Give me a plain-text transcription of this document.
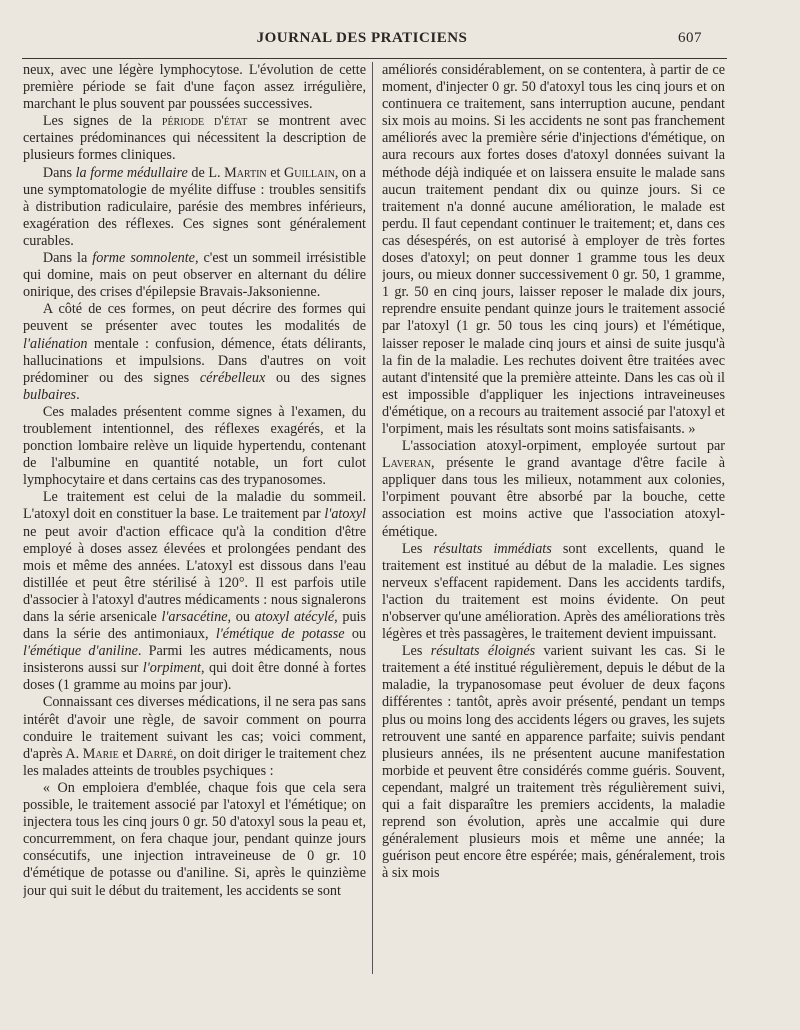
JOURNAL DES PRATICIENS	607

neux, avec une légère lymphocytose. L'évolution de cette première période se fait d'une façon assez irrégulière, marchant le plus souvent par poussées successives.

Les signes de la période d'état se montrent avec certaines prédominances qui nécessitent la description de plusieurs formes cliniques.

Dans la forme médullaire de L. Martin et Guillain, on a une symptomatologie de myélite diffuse : troubles sensitifs à distribution radiculaire, parésie des membres inférieurs, exagération des réflexes. Ces signes sont généralement curables.

Dans la forme somnolente, c'est un sommeil irrésistible qui domine, mais on peut observer en alternant du délire onirique, des crises d'épilepsie Bravais-Jaksonienne.

A côté de ces formes, on peut décrire des formes qui peuvent se présenter avec toutes les modalités de l'aliénation mentale : confusion, démence, états délirants, hallucinations et impulsions. Dans d'autres on voit prédominer ou des signes cérébelleux ou des signes bulbaires.

Ces malades présentent comme signes à l'examen, du troublement intentionnel, des réflexes exagérés, et la ponction lombaire relève un liquide hypertendu, contenant de l'albumine en quantité notable, un fort culot lymphocytaire et dans certains cas des trypanosomes.

Le traitement est celui de la maladie du sommeil. L'atoxyl doit en constituer la base. Le traitement par l'atoxyl ne peut avoir d'action efficace qu'à la condition d'être employé à doses assez élevées et prolongées pendant des mois et même des années. L'atoxyl est dissous dans l'eau distillée et peut être stérilisé à 120°. Il est parfois utile d'associer à l'atoxyl d'autres médicaments : nous signalerons dans la série arsenicale l'arsacétine, ou atoxyl atécylé, puis dans la série des antimoniaux, l'émétique de potasse ou l'émétique d'aniline. Parmi les autres médicaments, nous insisterons aussi sur l'orpiment, qui doit être donné à fortes doses (1 gramme au moins par jour).

Connaissant ces diverses médications, il ne sera pas sans intérêt d'avoir une règle, de savoir comment on pourra conduire le traitement suivant les cas; voici comment, d'après A. Marie et Darré, on doit diriger le traitement chez les malades atteints de troubles psychiques :

« On emploiera d'emblée, chaque fois que cela sera possible, le traitement associé par l'atoxyl et l'émétique; on injectera tous les cinq jours 0 gr. 50 d'atoxyl sous la peau et, concurremment, on fera chaque jour, pendant quinze jours consécutifs, une injection intraveineuse de 0 gr. 10 d'émétique de potasse ou d'aniline. Si, après le quinzième jour qui suit le début du traitement, les accidents se sont

améliorés considérablement, on se contentera, à partir de ce moment, d'injecter 0 gr. 50 d'atoxyl tous les cinq jours et on continuera ce traitement, sans interruption aucune, pendant six mois au moins. Si les accidents ne sont pas franchement améliorés avec la première série d'injections d'émétique, on aura recours aux fortes doses d'atoxyl données suivant la méthode déjà indiquée et on laissera ensuite le malade sans aucun traitement pendant dix ou quinze jours. Si ce traitement n'a donné aucune amélioration, le malade est perdu. Il faut cependant continuer le traitement; et, dans ces cas désespérés, on est autorisé à employer de très fortes doses d'atoxyl; on peut donner 1 gramme tous les deux jours, ou mieux donner successivement 0 gr. 50, 1 gramme, 1 gr. 50 en cinq jours, laisser reposer le malade dix jours, reprendre ensuite pendant quinze jours le traitement associé par l'atoxyl (1 gr. 50 tous les cinq jours) et l'émétique, laisser reposer le malade cinq jours et ainsi de suite jusqu'à la fin de la maladie. Les rechutes doivent être traitées avec autant d'intensité que la première atteinte. Dans les cas où il est impossible d'appliquer les injections intraveineuses d'émétique, on a recours au traitement associé par l'atoxyl et l'orpiment, mais les résultats sont moins satisfaisants. »

L'association atoxyl-orpiment, employée surtout par Laveran, présente le grand avantage d'être facile à appliquer dans tous les milieux, notamment aux colonies, l'orpiment pouvant être absorbé par la bouche, cette association est moins active que l'association atoxyl-émétique.

Les résultats immédiats sont excellents, quand le traitement est institué au début de la maladie. Les signes nerveux s'effacent rapidement. Dans les accidents tardifs, l'action du traitement est moins évidente. On peut n'observer qu'une amélioration. Après des améliorations très légères et très passagères, le traitement devient impuissant.

Les résultats éloignés varient suivant les cas. Si le traitement a été institué régulièrement, depuis le début de la maladie, la trypanosomase peut évoluer de deux façons différentes : tantôt, après avoir présenté, pendant un temps plus ou moins long des accidents légers ou graves, les sujets retrouvent une santé en apparence parfaite; suivis pendant plusieurs années, ils ne présentent aucune manifestation morbide et peuvent être considérés comme guéris. Souvent, cependant, malgré un traitement très régulièrement suivi, qui a fait disparaître les premiers accidents, la maladie reprend son évolution, après une accalmie qui dure généralement plusieurs mois et même une année; la guérison peut encore être espérée; mais, généralement, trois à six mois
